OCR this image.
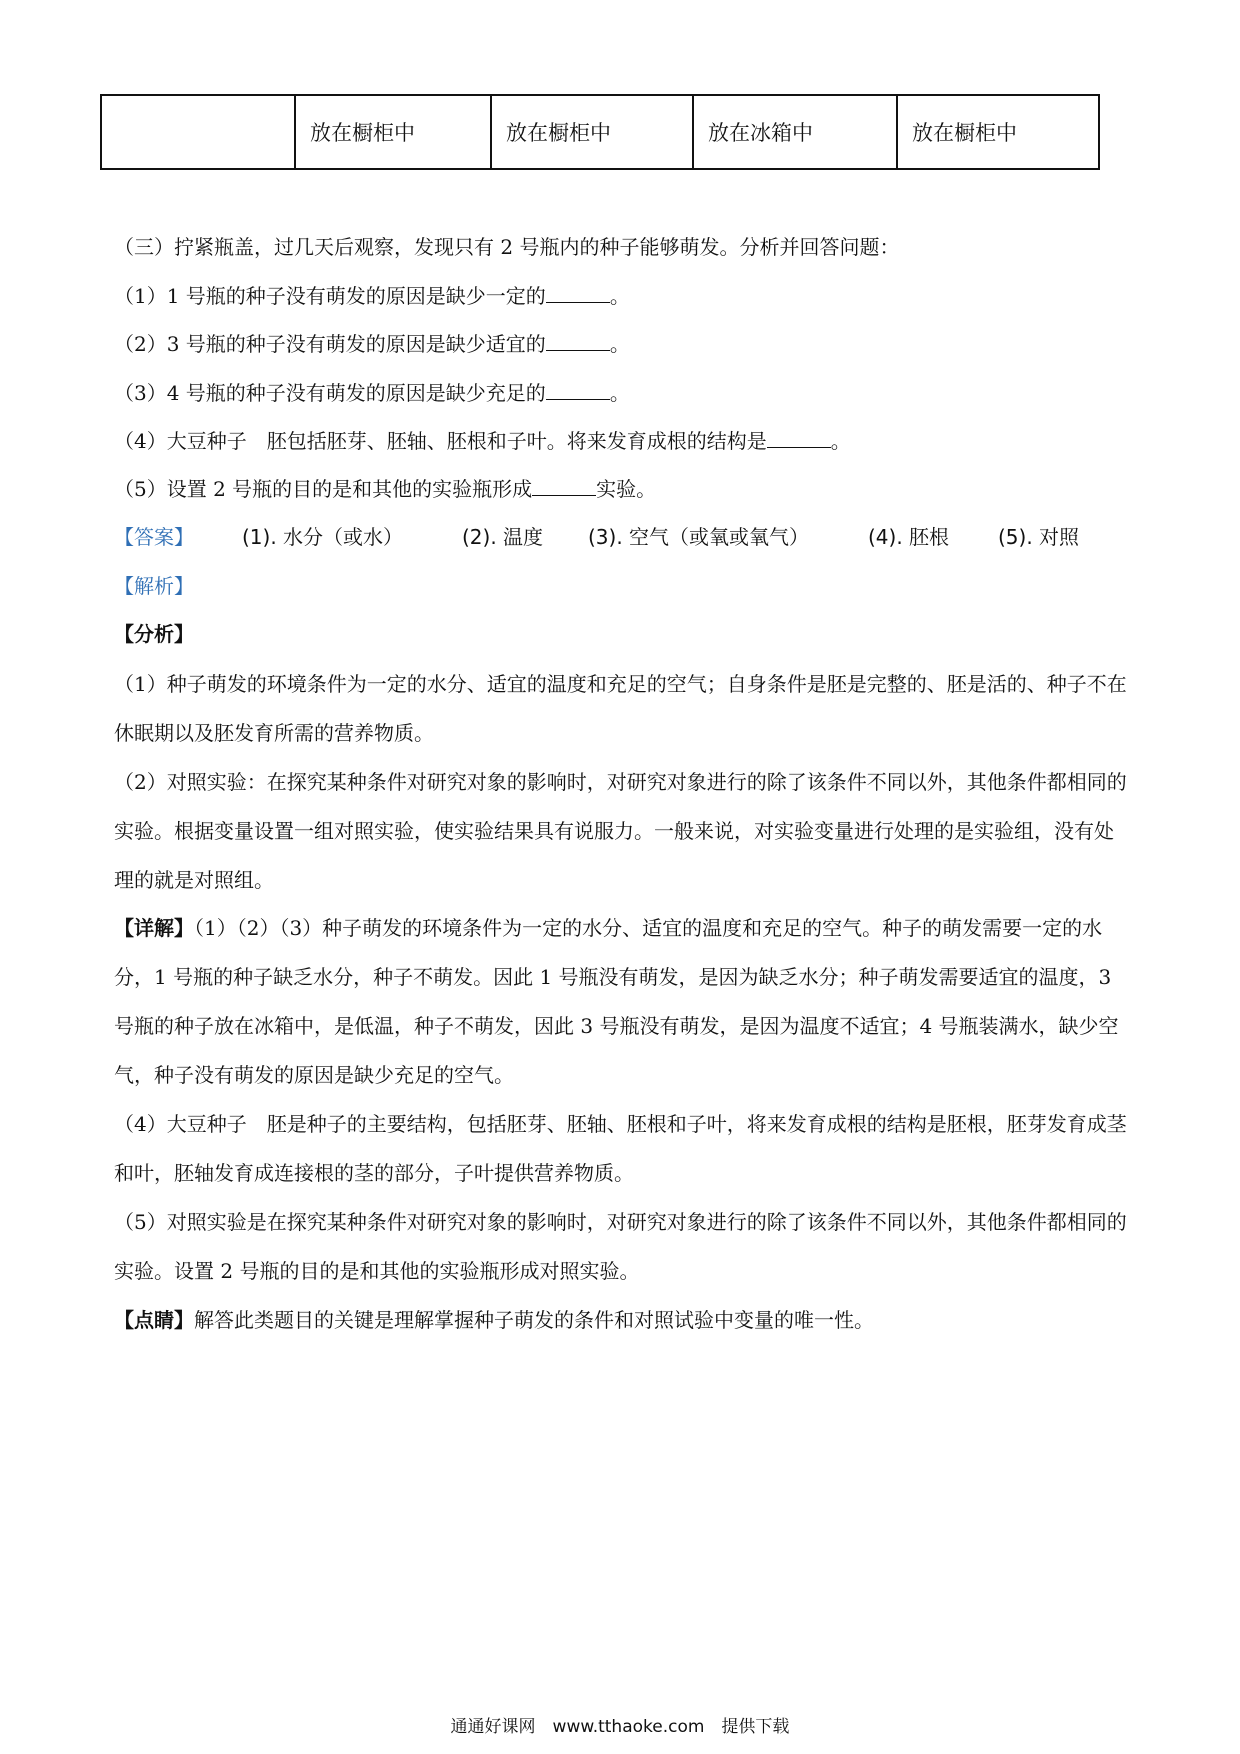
	放在橱柜中	放在橱柜中	放在冰箱中	放在橱柜中
（三）拧紧瓶盖，过几天后观察，发现只有 2 号瓶内的种子能够萌发。分析并回答问题：
（1）1 号瓶的种子没有萌发的原因是缺少一定的	。
（2）3 号瓶的种子没有萌发的原因是缺少适宜的	。
（3）4 号瓶的种子没有萌发的原因是缺少充足的	。
（4）大豆种子　胚包括胚芽、胚轴、胚根和子叶。将来发育成根的结构是	。
（5）设置 2 号瓶的目的是和其他的实验瓶形成	实验。
【答案】 (1). 水分（或水）	(2). 温度 (3). 空气（或氧或氧气）	(4). 胚根 (5). 对照
【解析】
【分析】
（1）种子萌发的环境条件为一定的水分、适宜的温度和充足的空气；自身条件是胚是完整的、胚是活的、种子不在休眠期以及胚发育所需的营养物质。
（2）对照实验：在探究某种条件对研究对象的影响时，对研究对象进行的除了该条件不同以外，其他条件都相同的实验。根据变量设置一组对照实验，使实验结果具有说服力。一般来说，对实验变量进行处理的是实验组，没有处理的就是对照组。
【详解】（1）（2）（3）种子萌发的环境条件为一定的水分、适宜的温度和充足的空气。种子的萌发需要一定的水分，1 号瓶的种子缺乏水分，种子不萌发。因此 1 号瓶没有萌发，是因为缺乏水分；种子萌发需要适宜的温度，3 号瓶的种子放在冰箱中，是低温，种子不萌发，因此 3 号瓶没有萌发，是因为温度不适宜；4 号瓶装满水，缺少空气，种子没有萌发的原因是缺少充足的空气。
（4）大豆种子　胚是种子的主要结构，包括胚芽、胚轴、胚根和子叶，将来发育成根的结构是胚根，胚芽发育成茎和叶，胚轴发育成连接根的茎的部分，子叶提供营养物质。
（5）对照实验是在探究某种条件对研究对象的影响时，对研究对象进行的除了该条件不同以外，其他条件都相同的实验。设置 2 号瓶的目的是和其他的实验瓶形成对照实验。
【点睛】解答此类题目的关键是理解掌握种子萌发的条件和对照试验中变量的唯一性。
通通好课网　www.tthaoke.com　提供下载
